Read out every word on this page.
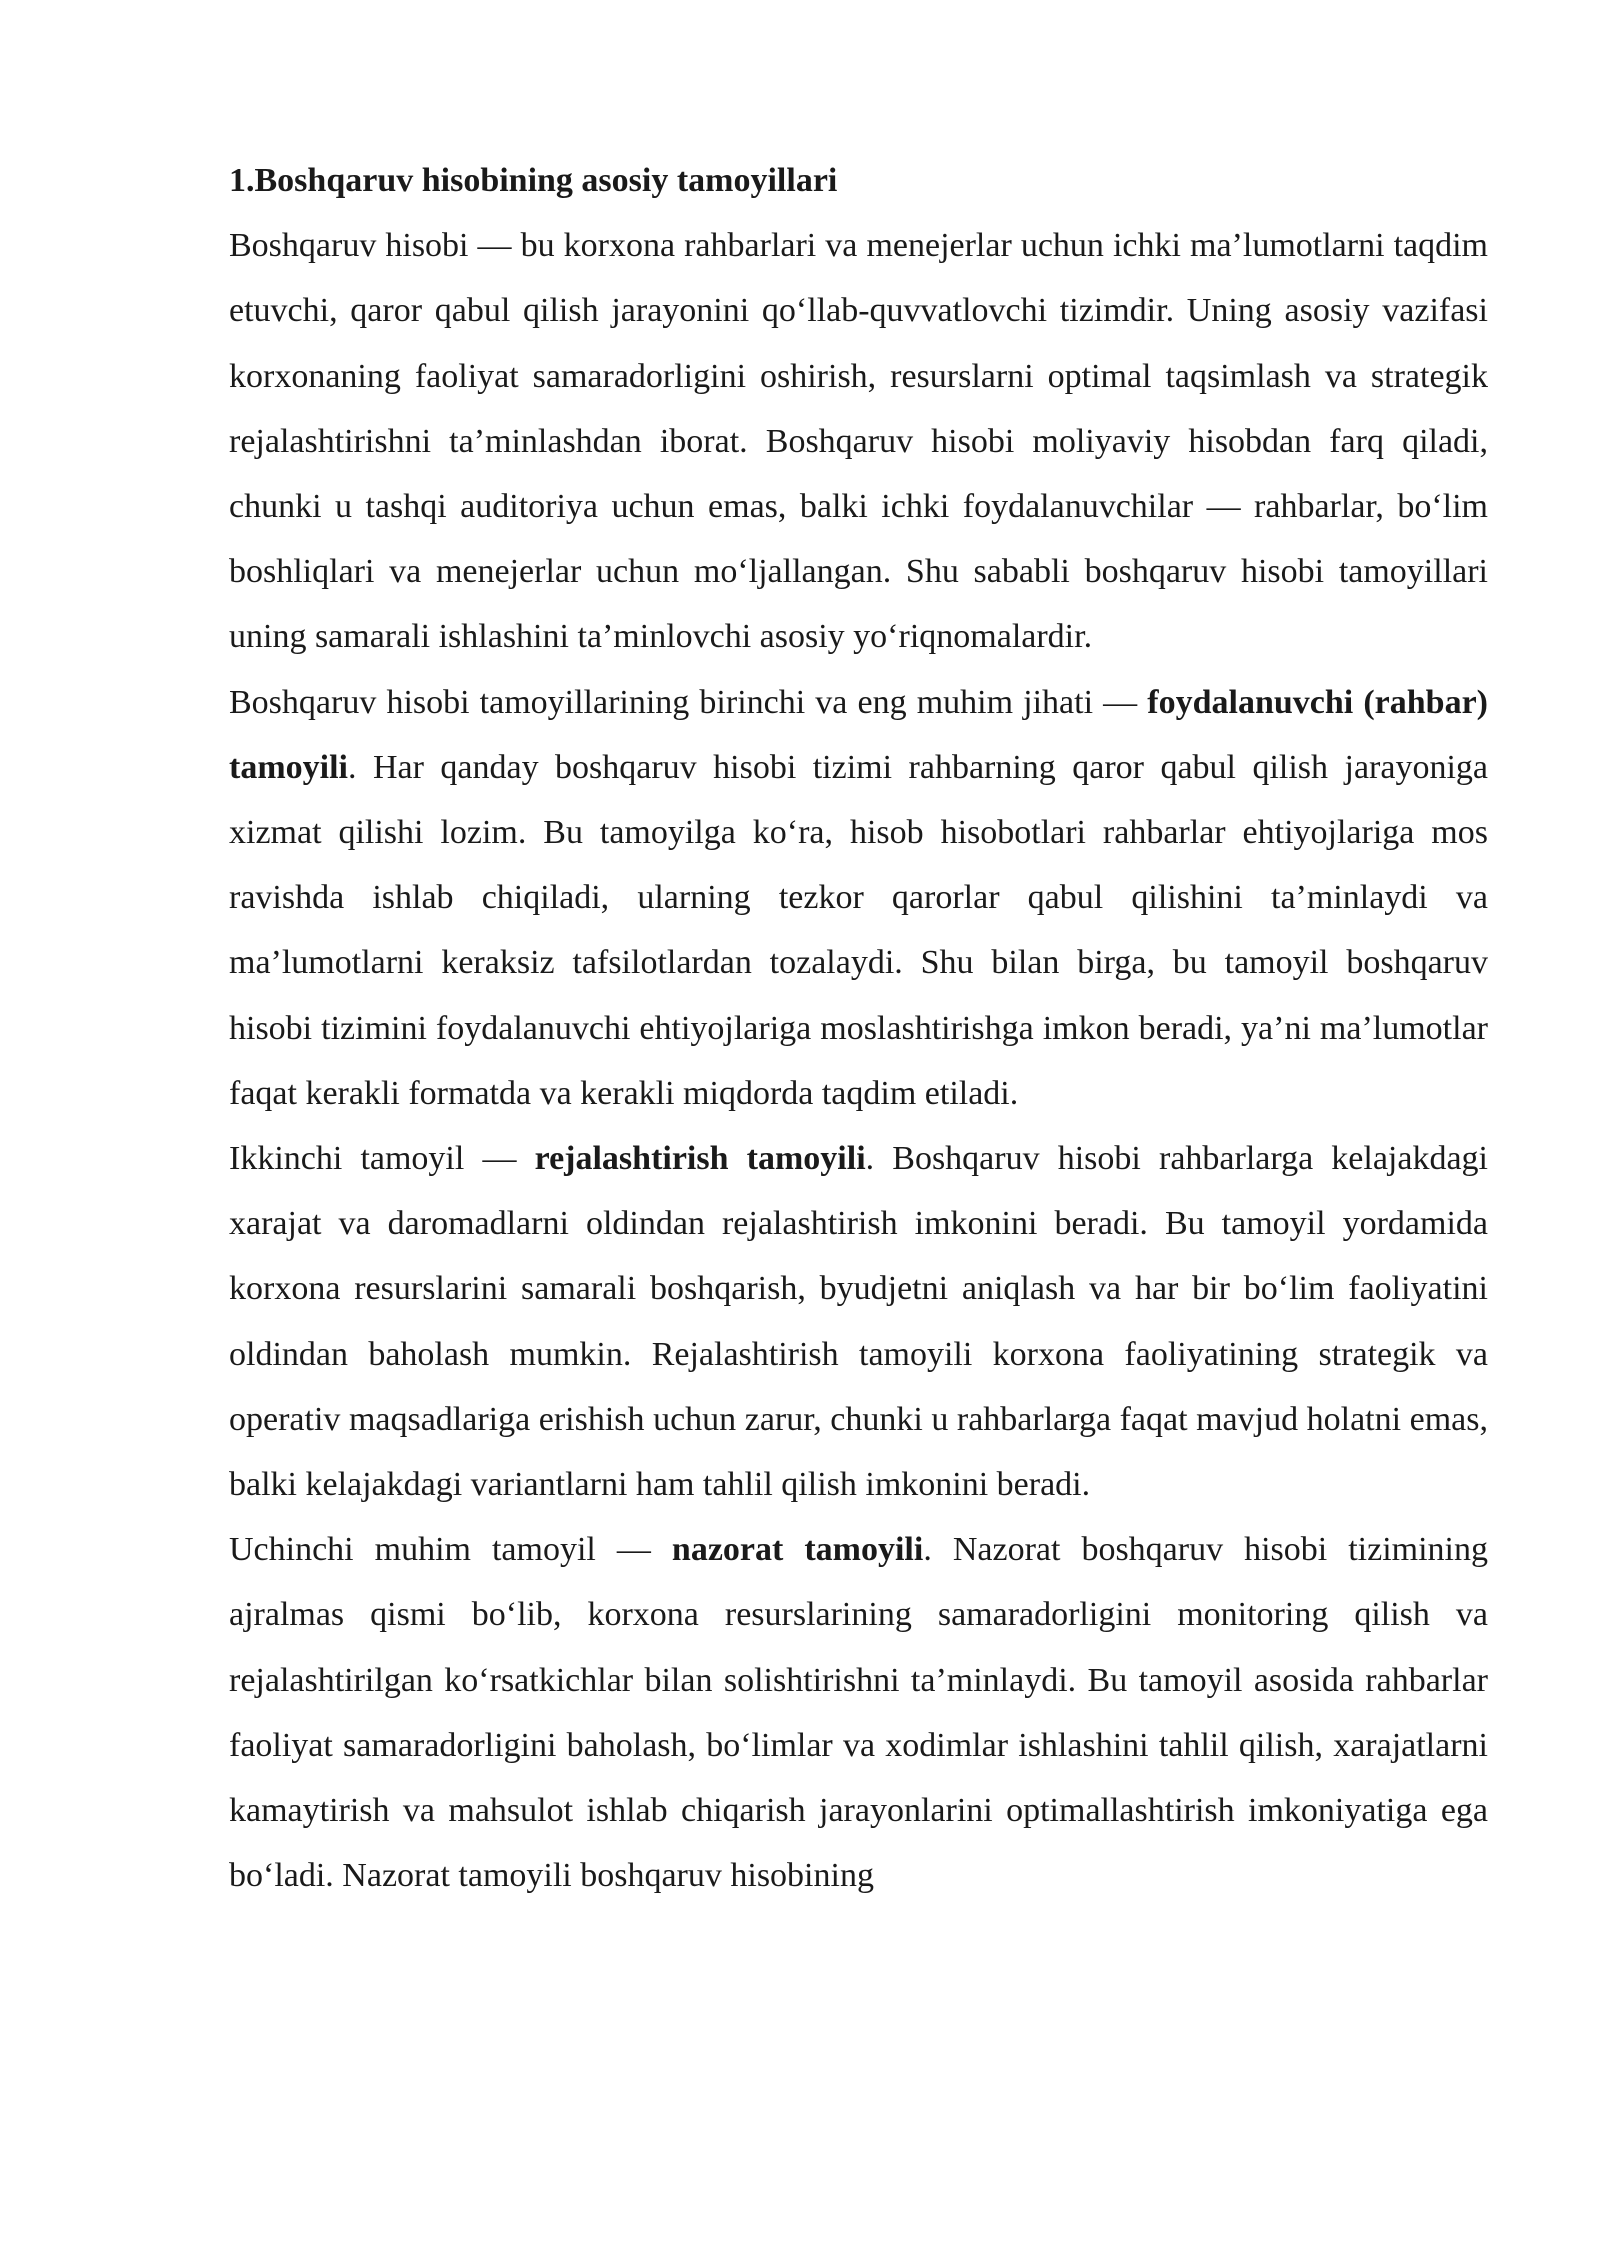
1.Boshqaruv hisobining asosiy tamoyillari

Boshqaruv hisobi — bu korxona rahbarlari va menejerlar uchun ichki ma’lumotlarni taqdim etuvchi, qaror qabul qilish jarayonini qo‘llab-quvvatlovchi tizimdir. Uning asosiy vazifasi korxonaning faoliyat samaradorligini oshirish, resurslarni optimal taqsimlash va strategik rejalashtirishni ta’minlashdan iborat. Boshqaruv hisobi moliyaviy hisobdan farq qiladi, chunki u tashqi auditoriya uchun emas, balki ichki foydalanuvchilar — rahbarlar, bo‘lim boshliqlari va menejerlar uchun mo‘ljallangan. Shu sababli boshqaruv hisobi tamoyillari uning samarali ishlashini ta’minlovchi asosiy yo‘riqnomalardir.

Boshqaruv hisobi tamoyillarining birinchi va eng muhim jihati — foydalanuvchi (rahbar) tamoyili. Har qanday boshqaruv hisobi tizimi rahbarning qaror qabul qilish jarayoniga xizmat qilishi lozim. Bu tamoyilga ko‘ra, hisob hisobotlari rahbarlar ehtiyojlariga mos ravishda ishlab chiqiladi, ularning tezkor qarorlar qabul qilishini ta’minlaydi va ma’lumotlarni keraksiz tafsilotlardan tozalaydi. Shu bilan birga, bu tamoyil boshqaruv hisobi tizimini foydalanuvchi ehtiyojlariga moslashtirishga imkon beradi, ya’ni ma’lumotlar faqat kerakli formatda va kerakli miqdorda taqdim etiladi.

Ikkinchi tamoyil — rejalashtirish tamoyili. Boshqaruv hisobi rahbarlarga kelajakdagi xarajat va daromadlarni oldindan rejalashtirish imkonini beradi. Bu tamoyil yordamida korxona resurslarini samarali boshqarish, byudjetni aniqlash va har bir bo‘lim faoliyatini oldindan baholash mumkin. Rejalashtirish tamoyili korxona faoliyatining strategik va operativ maqsadlariga erishish uchun zarur, chunki u rahbarlarga faqat mavjud holatni emas, balki kelajakdagi variantlarni ham tahlil qilish imkonini beradi.

Uchinchi muhim tamoyil — nazorat tamoyili. Nazorat boshqaruv hisobi tizimining ajralmas qismi bo‘lib, korxona resurslarining samaradorligini monitoring qilish va rejalashtirilgan ko‘rsatkichlar bilan solishtirishni ta’minlaydi. Bu tamoyil asosida rahbarlar faoliyat samaradorligini baholash, bo‘limlar va xodimlar ishlashini tahlil qilish, xarajatlarni kamaytirish va mahsulot ishlab chiqarish jarayonlarini optimallashtirish imkoniyatiga ega bo‘ladi. Nazorat tamoyili boshqaruv hisobining
